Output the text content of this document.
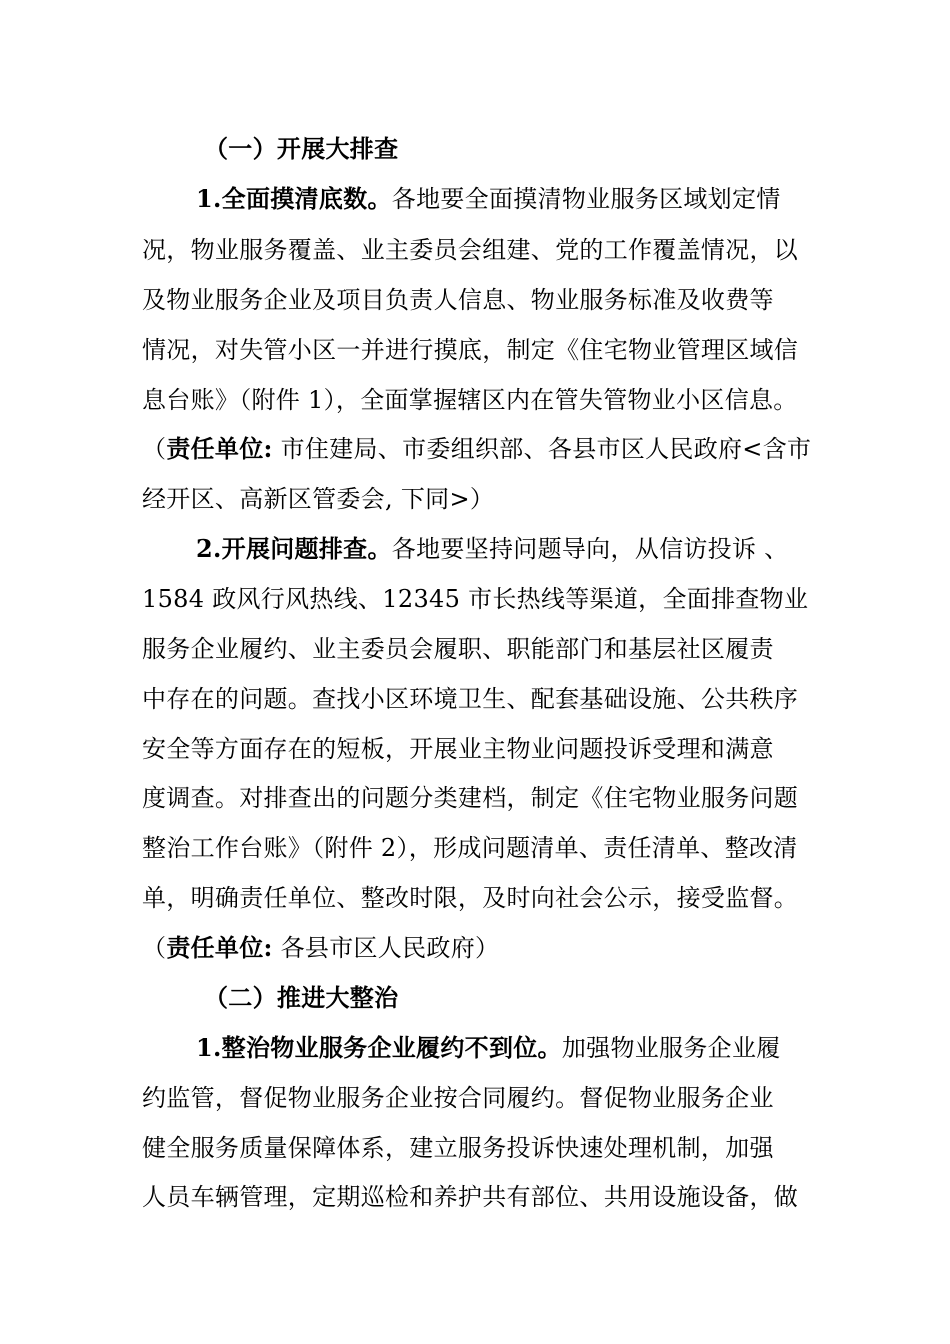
（一）开展大排查
1.全面摸清底数。各地要全面摸清物业服务区域划定情
况，物业服务覆盖、业主委员会组建、党的工作覆盖情况，以
及物业服务企业及项目负责人信息、物业服务标准及收费等
情况，对失管小区一并进行摸底，制定《住宅物业管理区域信
息台账》（附件 1），全面掌握辖区内在管失管物业小区信息。
（责任单位: 市住建局、市委组织部、各县市区人民政府<含市
经开区、高新区管委会, 下同>）
2.开展问题排查。各地要坚持问题导向，从信访投诉 、
1584 政风行风热线、12345 市长热线等渠道，全面排查物业
服务企业履约、业主委员会履职、职能部门和基层社区履责
中存在的问题。查找小区环境卫生、配套基础设施、公共秩序
安全等方面存在的短板，开展业主物业问题投诉受理和满意
度调查。对排查出的问题分类建档，制定《住宅物业服务问题
整治工作台账》（附件 2），形成问题清单、责任清单、整改清
单，明确责任单位、整改时限，及时向社会公示，接受监督。
（责任单位: 各县市区人民政府）
（二）推进大整治
1.整治物业服务企业履约不到位。加强物业服务企业履
约监管，督促物业服务企业按合同履约。督促物业服务企业
健全服务质量保障体系，建立服务投诉快速处理机制，加强
人员车辆管理，定期巡检和养护共有部位、共用设施设备，做
